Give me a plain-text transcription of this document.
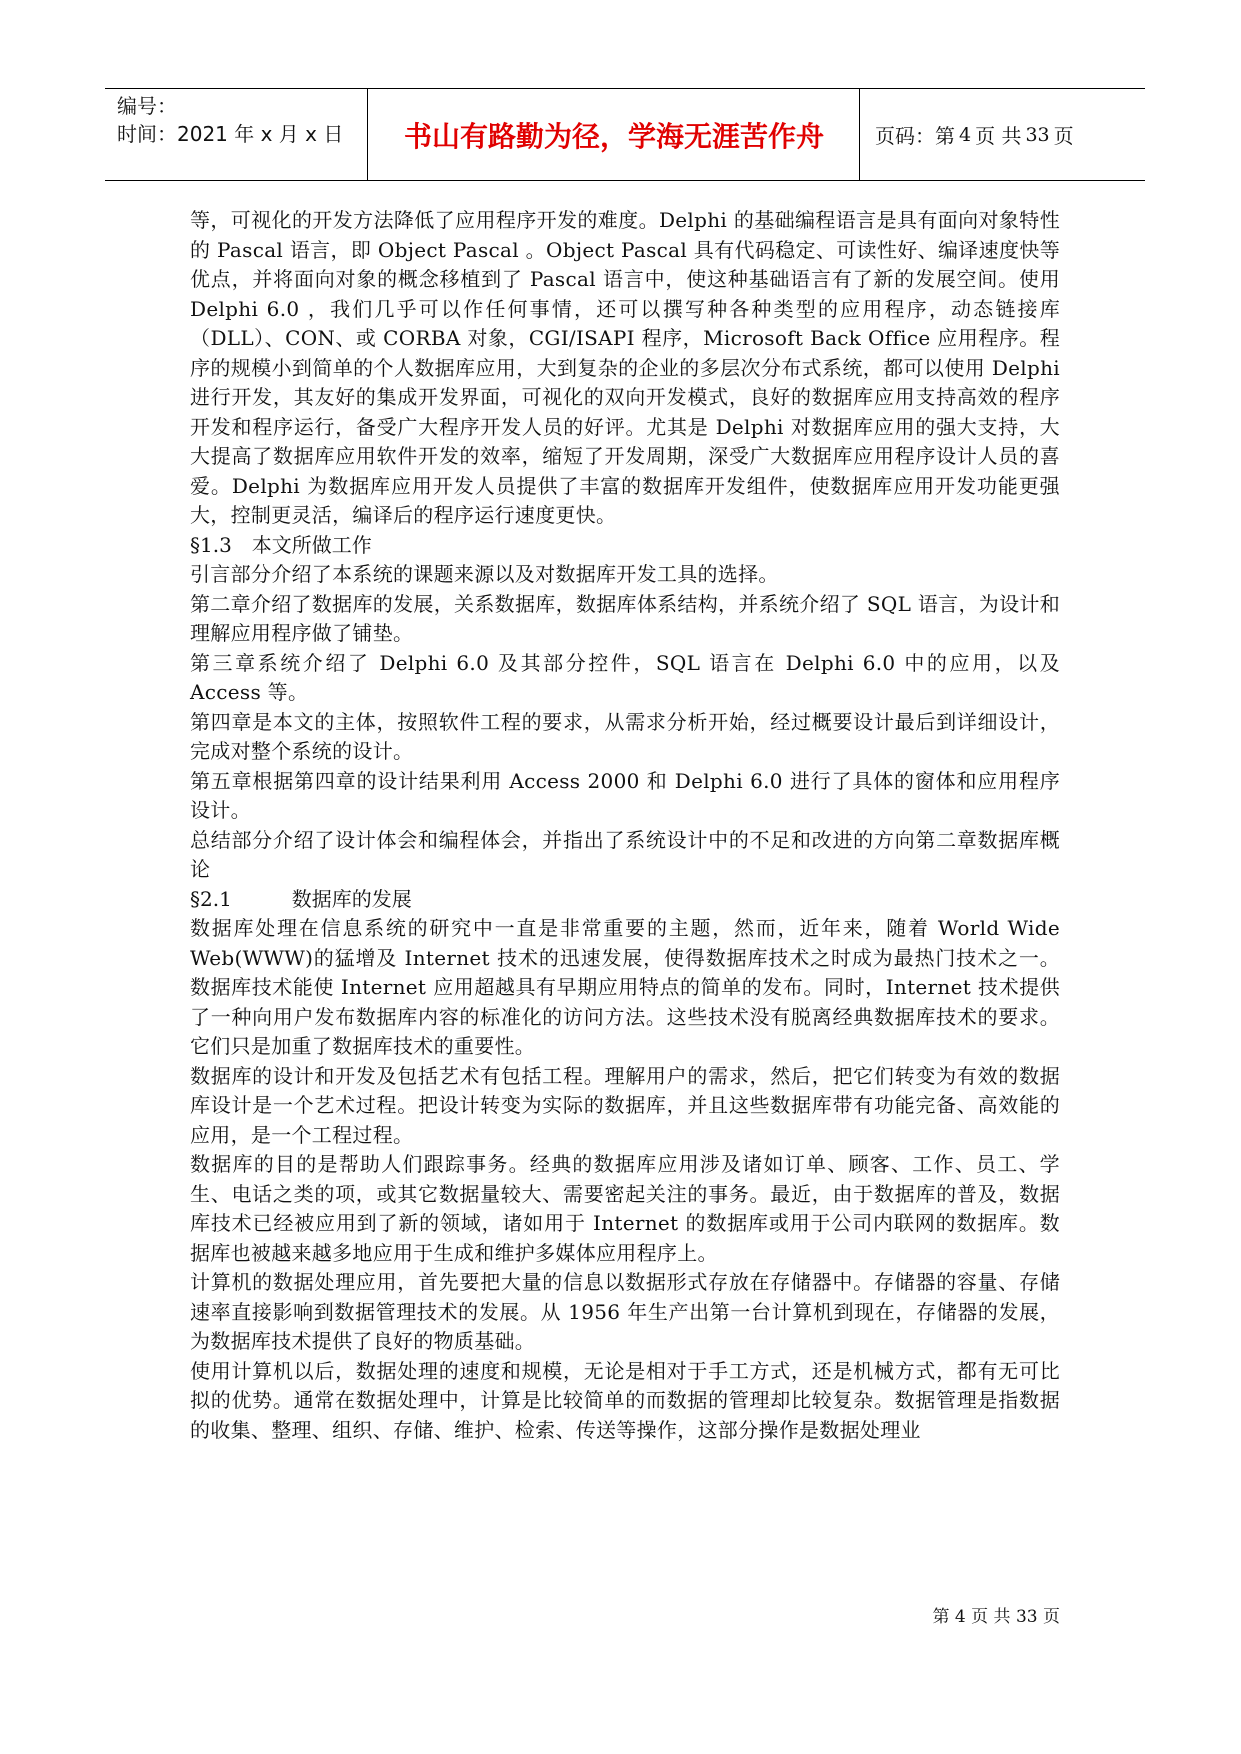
编号：
时间：2021 年 x 月 x 日	书山有路勤为径，学海无涯苦作舟	页码：第 4 页 共 33 页

等，可视化的开发方法降低了应用程序开发的难度。Delphi 的基础编程语言是具有面向对象特性的 Pascal 语言，即 Object Pascal 。Object Pascal 具有代码稳定、可读性好、编译速度快等优点，并将面向对象的概念移植到了 Pascal 语言中，使这种基础语言有了新的发展空间。使用 Delphi 6.0 ，我们几乎可以作任何事情，还可以撰写种各种类型的应用程序，动态链接库（DLL）、CON、或 CORBA 对象，CGI/ISAPI 程序，Microsoft Back Office 应用程序。程序的规模小到简单的个人数据库应用，大到复杂的企业的多层次分布式系统，都可以使用 Delphi 进行开发，其友好的集成开发界面，可视化的双向开发模式，良好的数据库应用支持高效的程序开发和程序运行，备受广大程序开发人员的好评。尤其是 Delphi 对数据库应用的强大支持，大大提高了数据库应用软件开发的效率，缩短了开发周期，深受广大数据库应用程序设计人员的喜爱。Delphi 为数据库应用开发人员提供了丰富的数据库开发组件，使数据库应用开发功能更强大，控制更灵活，编译后的程序运行速度更快。

§1.3　本文所做工作

引言部分介绍了本系统的课题来源以及对数据库开发工具的选择。

第二章介绍了数据库的发展，关系数据库，数据库体系结构，并系统介绍了 SQL 语言，为设计和理解应用程序做了铺垫。

第三章系统介绍了 Delphi 6.0 及其部分控件，SQL 语言在 Delphi 6.0 中的应用，以及 Access 等。

第四章是本文的主体，按照软件工程的要求，从需求分析开始，经过概要设计最后到详细设计，完成对整个系统的设计。

第五章根据第四章的设计结果利用 Access 2000 和 Delphi 6.0 进行了具体的窗体和应用程序设计。

总结部分介绍了设计体会和编程体会，并指出了系统设计中的不足和改进的方向第二章数据库概论

§2.1　　　数据库的发展

数据库处理在信息系统的研究中一直是非常重要的主题，然而，近年来，随着 World Wide Web(WWW)的猛增及 Internet 技术的迅速发展，使得数据库技术之时成为最热门技术之一。数据库技术能使 Internet 应用超越具有早期应用特点的简单的发布。同时，Internet 技术提供了一种向用户发布数据库内容的标准化的访问方法。这些技术没有脱离经典数据库技术的要求。它们只是加重了数据库技术的重要性。

数据库的设计和开发及包括艺术有包括工程。理解用户的需求，然后，把它们转变为有效的数据库设计是一个艺术过程。把设计转变为实际的数据库，并且这些数据库带有功能完备、高效能的应用，是一个工程过程。

数据库的目的是帮助人们跟踪事务。经典的数据库应用涉及诸如订单、顾客、工作、员工、学生、电话之类的项，或其它数据量较大、需要密起关注的事务。最近，由于数据库的普及，数据库技术已经被应用到了新的领域，诸如用于 Internet 的数据库或用于公司内联网的数据库。数据库也被越来越多地应用于生成和维护多媒体应用程序上。

计算机的数据处理应用，首先要把大量的信息以数据形式存放在存储器中。存储器的容量、存储速率直接影响到数据管理技术的发展。从 1956 年生产出第一台计算机到现在，存储器的发展，为数据库技术提供了良好的物质基础。

使用计算机以后，数据处理的速度和规模，无论是相对于手工方式，还是机械方式，都有无可比拟的优势。通常在数据处理中，计算是比较简单的而数据的管理却比较复杂。数据管理是指数据的收集、整理、组织、存储、维护、检索、传送等操作，这部分操作是数据处理业

第 4 页 共 33 页
